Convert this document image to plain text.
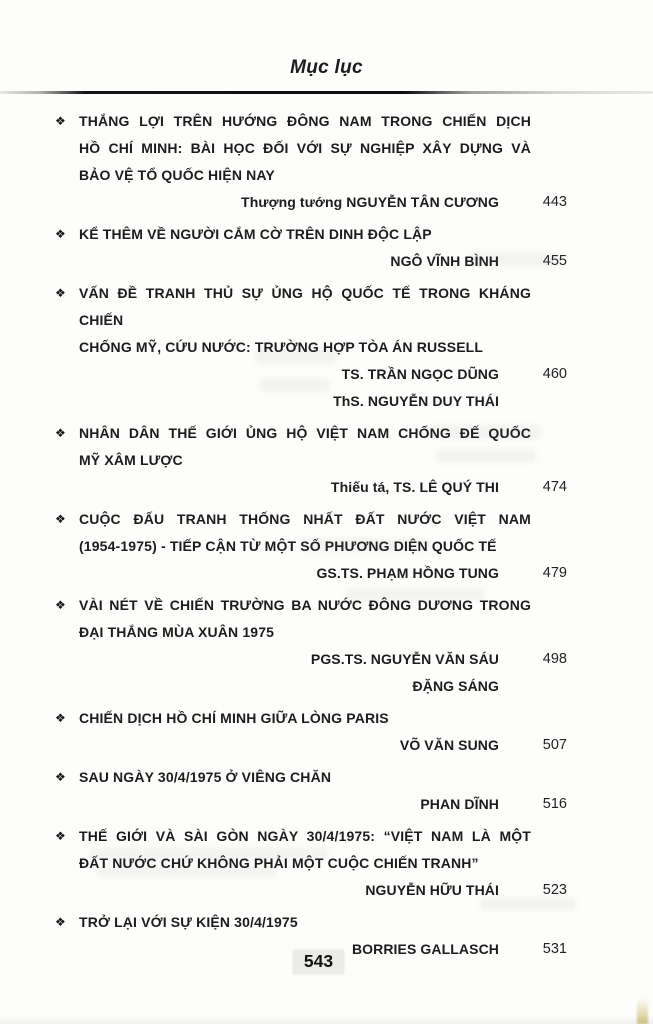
Mục lục
❖ THẮNG LỢI TRÊN HƯỚNG ĐÔNG NAM TRONG CHIẾN DỊCH
HỒ CHÍ MINH: BÀI HỌC ĐỐI VỚI SỰ NGHIỆP XÂY DỰNG VÀ
BẢO VỆ TỔ QUỐC HIỆN NAY
Thượng tướng NGUYỄN TÂN CƯƠNG	443
❖ KỂ THÊM VỀ NGƯỜI CẮM CỜ TRÊN DINH ĐỘC LẬP
NGÔ VĨNH BÌNH	455
❖ VẤN ĐỀ TRANH THỦ SỰ ỦNG HỘ QUỐC TẾ TRONG KHÁNG CHIẾN
CHỐNG MỸ, CỨU NƯỚC: TRƯỜNG HỢP TÒA ÁN RUSSELL
TS. TRẦN NGỌC DŨNG	460
ThS. NGUYỄN DUY THÁI
❖ NHÂN DÂN THẾ GIỚI ỦNG HỘ VIỆT NAM CHỐNG ĐẾ QUỐC
MỸ XÂM LƯỢC
Thiếu tá, TS. LÊ QUÝ THI	474
❖ CUỘC ĐẤU TRANH THỐNG NHẤT ĐẤT NƯỚC VIỆT NAM
(1954-1975) - TIẾP CẬN TỪ MỘT SỐ PHƯƠNG DIỆN QUỐC TẾ
GS.TS. PHẠM HỒNG TUNG	479
❖ VÀI NÉT VỀ CHIẾN TRƯỜNG BA NƯỚC ĐÔNG DƯƠNG TRONG
ĐẠI THẮNG MÙA XUÂN 1975
PGS.TS. NGUYỄN VĂN SÁU	498
ĐẶNG SÁNG
❖ CHIẾN DỊCH HỒ CHÍ MINH GIỮA LÒNG PARIS
VÕ VĂN SUNG	507
❖ SAU NGÀY 30/4/1975 Ở VIÊNG CHĂN
PHAN DĨNH	516
❖ THẾ GIỚI VÀ SÀI GÒN NGÀY 30/4/1975: “VIỆT NAM LÀ MỘT
ĐẤT NƯỚC CHỨ KHÔNG PHẢI MỘT CUỘC CHIẾN TRANH”
NGUYỄN HỮU THÁI	523
❖ TRỞ LẠI VỚI SỰ KIỆN 30/4/1975
BORRIES GALLASCH	531
543
